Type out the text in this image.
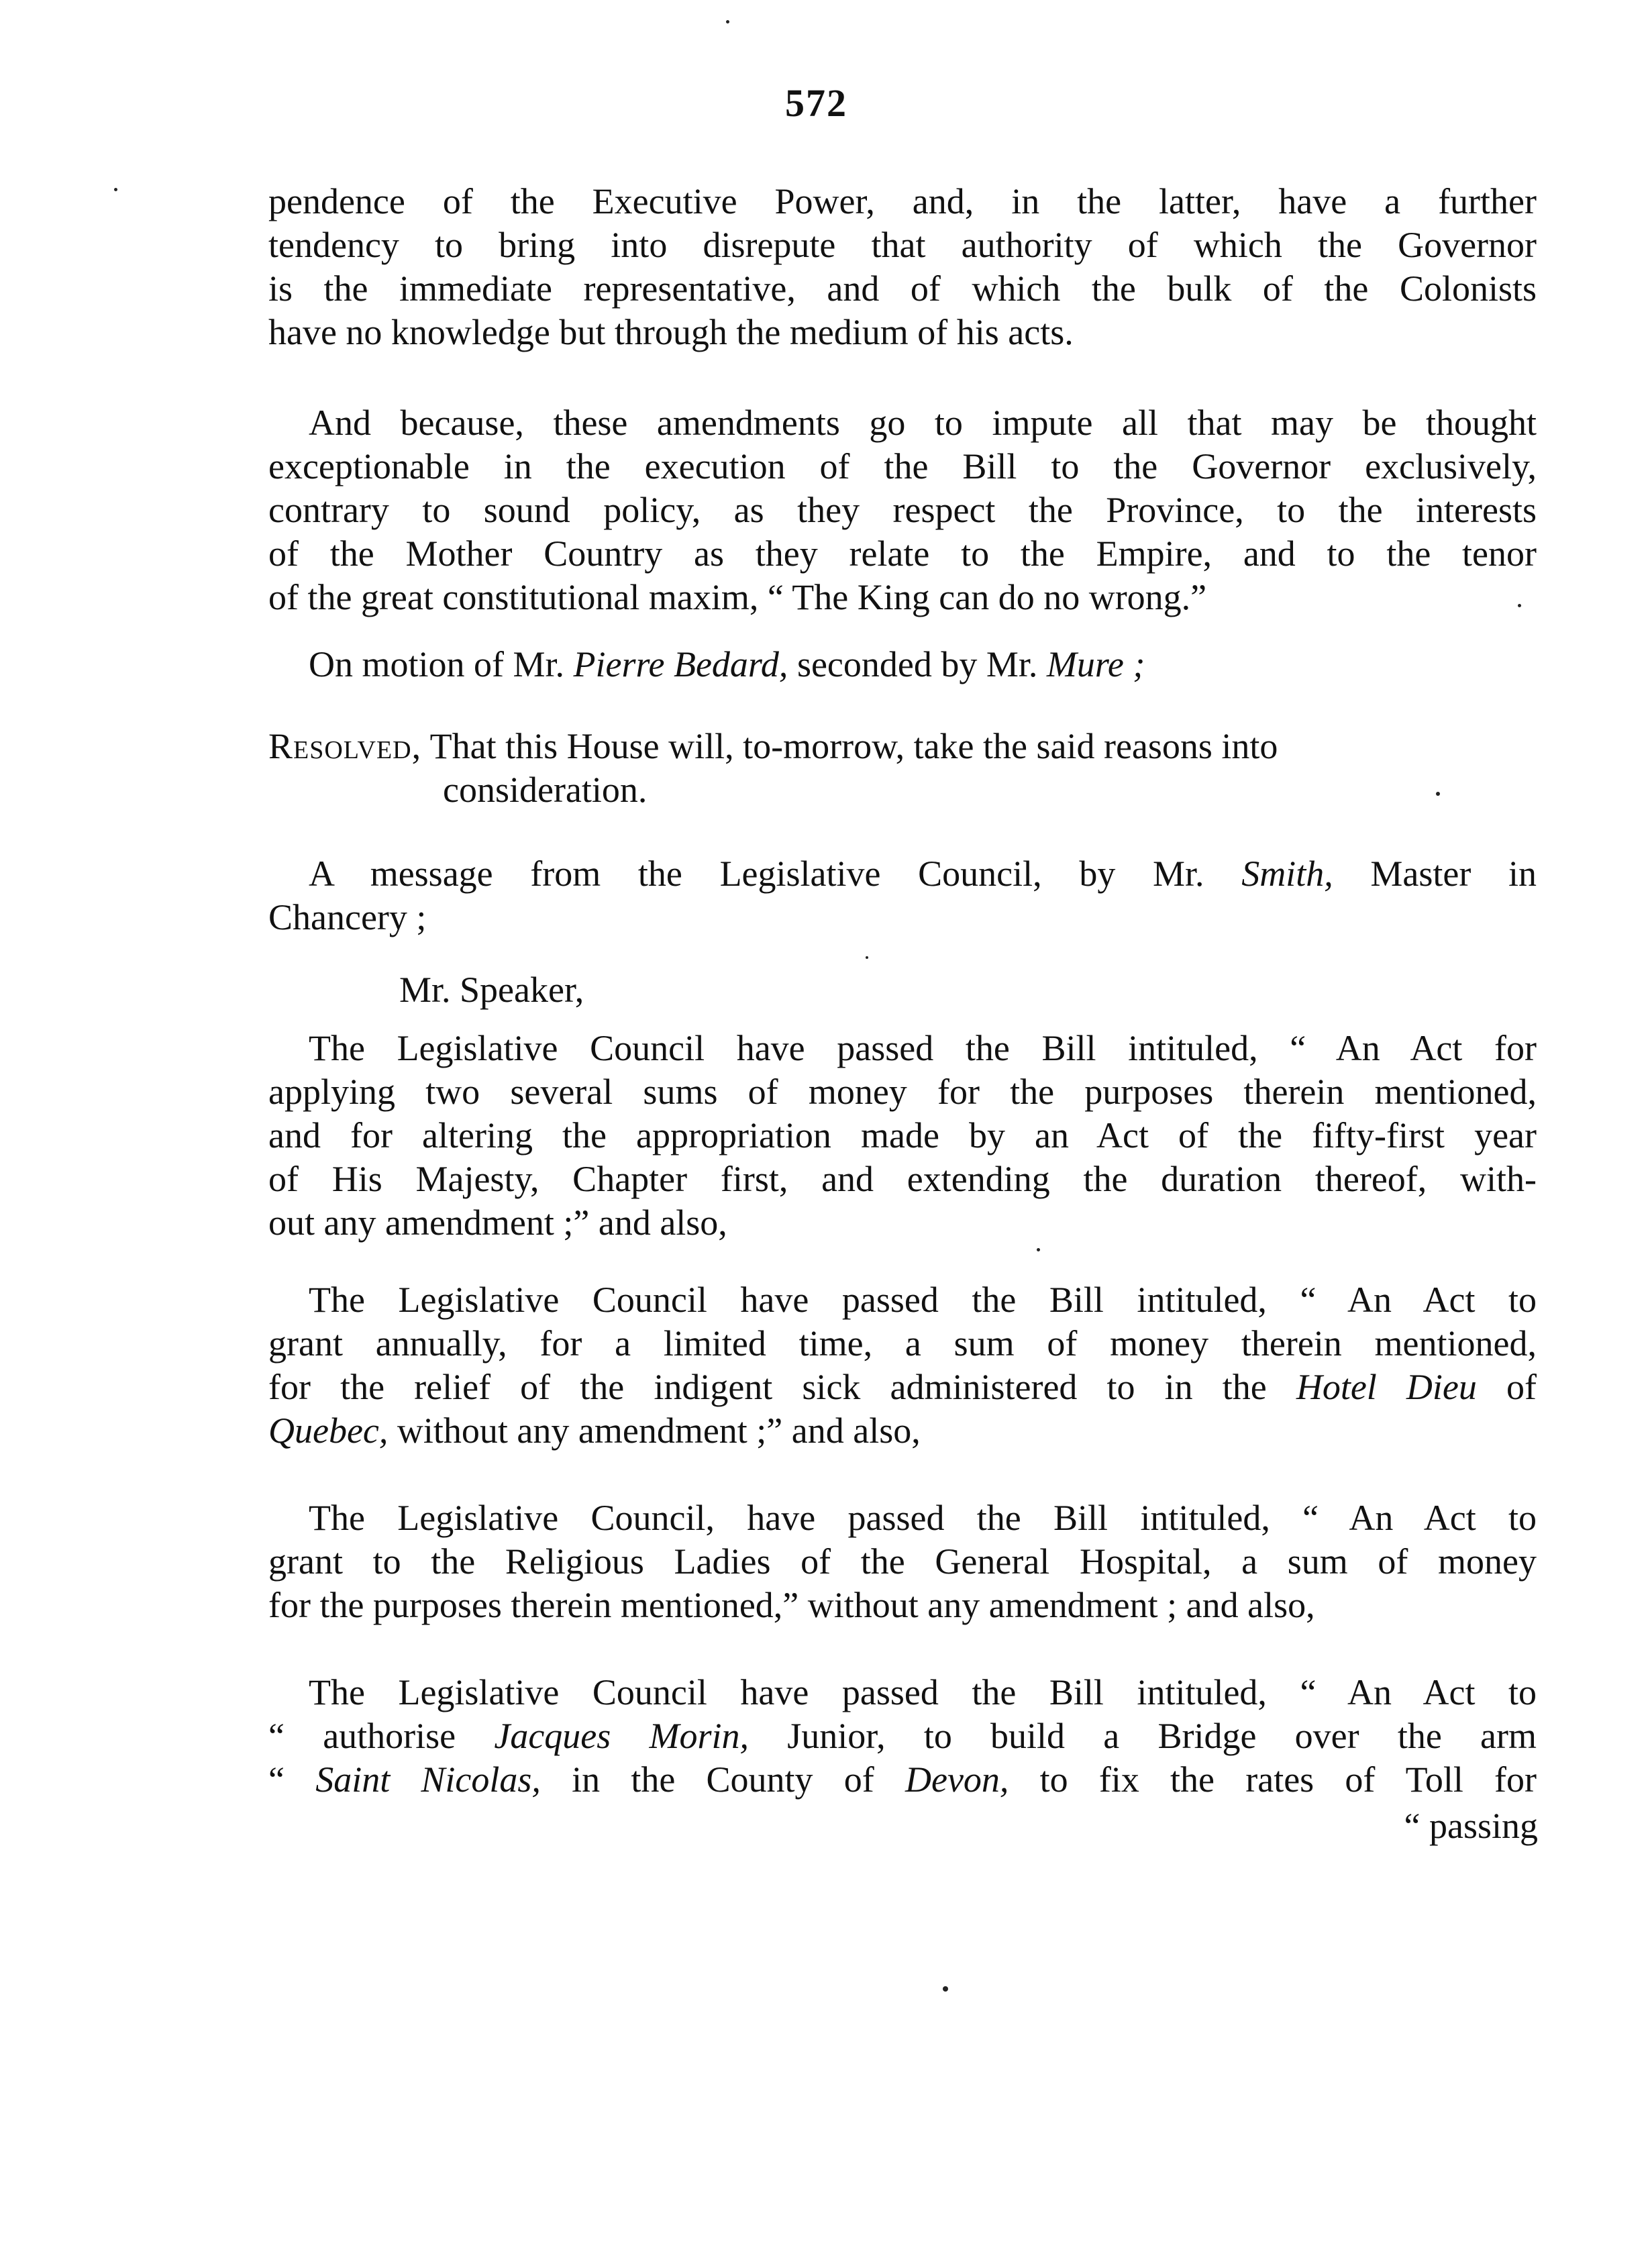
572
pendence of the Executive Power, and, in the latter, have a further
tendency to bring into disrepute that authority of which the Governor
is the immediate representative, and of which the bulk of the Colonists
have no knowledge but through the medium of his acts.
And because, these amendments go to impute all that may be thought
exceptionable in the execution of the Bill to the Governor exclusively,
contrary to sound policy, as they respect the Province, to the interests
of the Mother Country as they relate to the Empire, and to the tenor
of the great constitutional maxim, “ The King can do no wrong.”
On motion of Mr. Pierre Bedard, seconded by Mr. Mure ;
Resolved, That this House will, to-morrow, take the said reasons into
consideration.
A message from the Legislative Council, by Mr. Smith, Master in
Chancery ;
Mr. Speaker,
The Legislative Council have passed the Bill intituled, “ An Act for
applying two several sums of money for the purposes therein mentioned,
and for altering the appropriation made by an Act of the fifty-first year
of His Majesty, Chapter first, and extending the duration thereof, with-
out any amendment ;” and also,
The Legislative Council have passed the Bill intituled, “ An Act to
grant annually, for a limited time, a sum of money therein mentioned,
for the relief of the indigent sick administered to in the Hotel Dieu of
Quebec, without any amendment ;” and also,
The Legislative Council, have passed the Bill intituled, “ An Act to
grant to the Religious Ladies of the General Hospital, a sum of money
for the purposes therein mentioned,” without any amendment ; and also,
The Legislative Council have passed the Bill intituled, “ An Act to
“ authorise Jacques Morin, Junior, to build a Bridge over the arm
“ Saint Nicolas, in the County of Devon, to fix the rates of Toll for
“ passing
